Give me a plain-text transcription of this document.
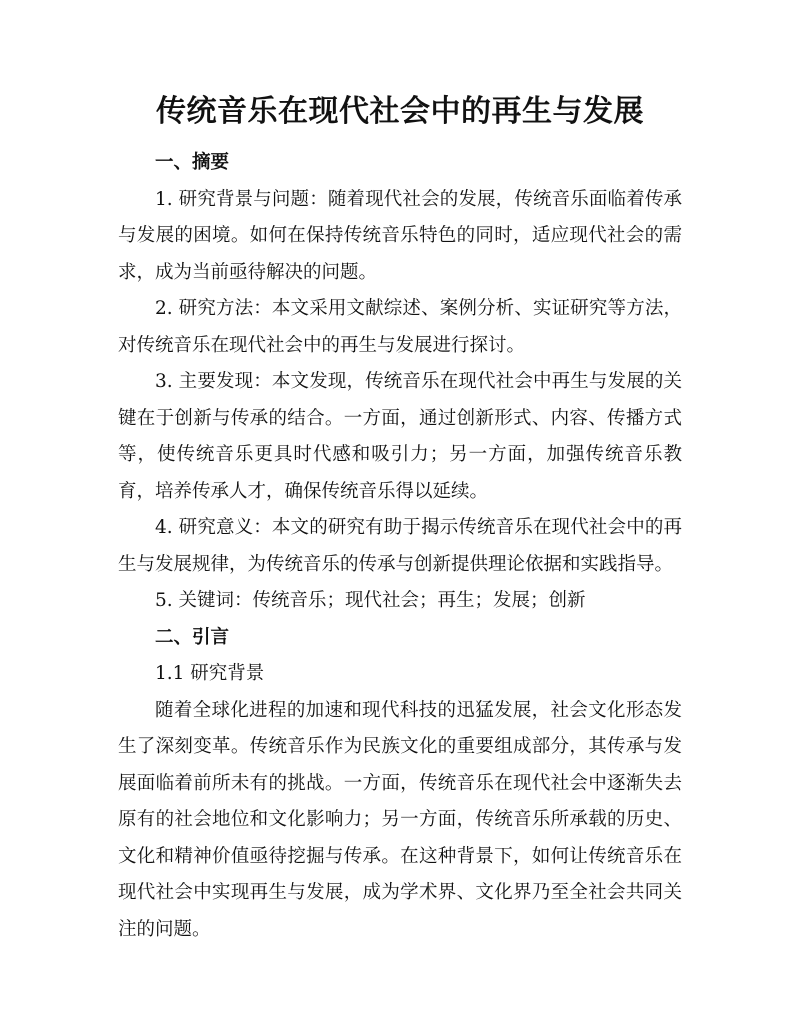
传统音乐在现代社会中的再生与发展

一、摘要

1. 研究背景与问题：随着现代社会的发展，传统音乐面临着传承与发展的困境。如何在保持传统音乐特色的同时，适应现代社会的需求，成为当前亟待解决的问题。

2. 研究方法：本文采用文献综述、案例分析、实证研究等方法，对传统音乐在现代社会中的再生与发展进行探讨。

3. 主要发现：本文发现，传统音乐在现代社会中再生与发展的关键在于创新与传承的结合。一方面，通过创新形式、内容、传播方式等，使传统音乐更具时代感和吸引力；另一方面，加强传统音乐教育，培养传承人才，确保传统音乐得以延续。

4. 研究意义：本文的研究有助于揭示传统音乐在现代社会中的再生与发展规律，为传统音乐的传承与创新提供理论依据和实践指导。

5. 关键词：传统音乐；现代社会；再生；发展；创新

二、引言

1.1 研究背景

随着全球化进程的加速和现代科技的迅猛发展，社会文化形态发生了深刻变革。传统音乐作为民族文化的重要组成部分，其传承与发展面临着前所未有的挑战。一方面，传统音乐在现代社会中逐渐失去原有的社会地位和文化影响力；另一方面，传统音乐所承载的历史、文化和精神价值亟待挖掘与传承。在这种背景下，如何让传统音乐在现代社会中实现再生与发展，成为学术界、文化界乃至全社会共同关注的问题。
